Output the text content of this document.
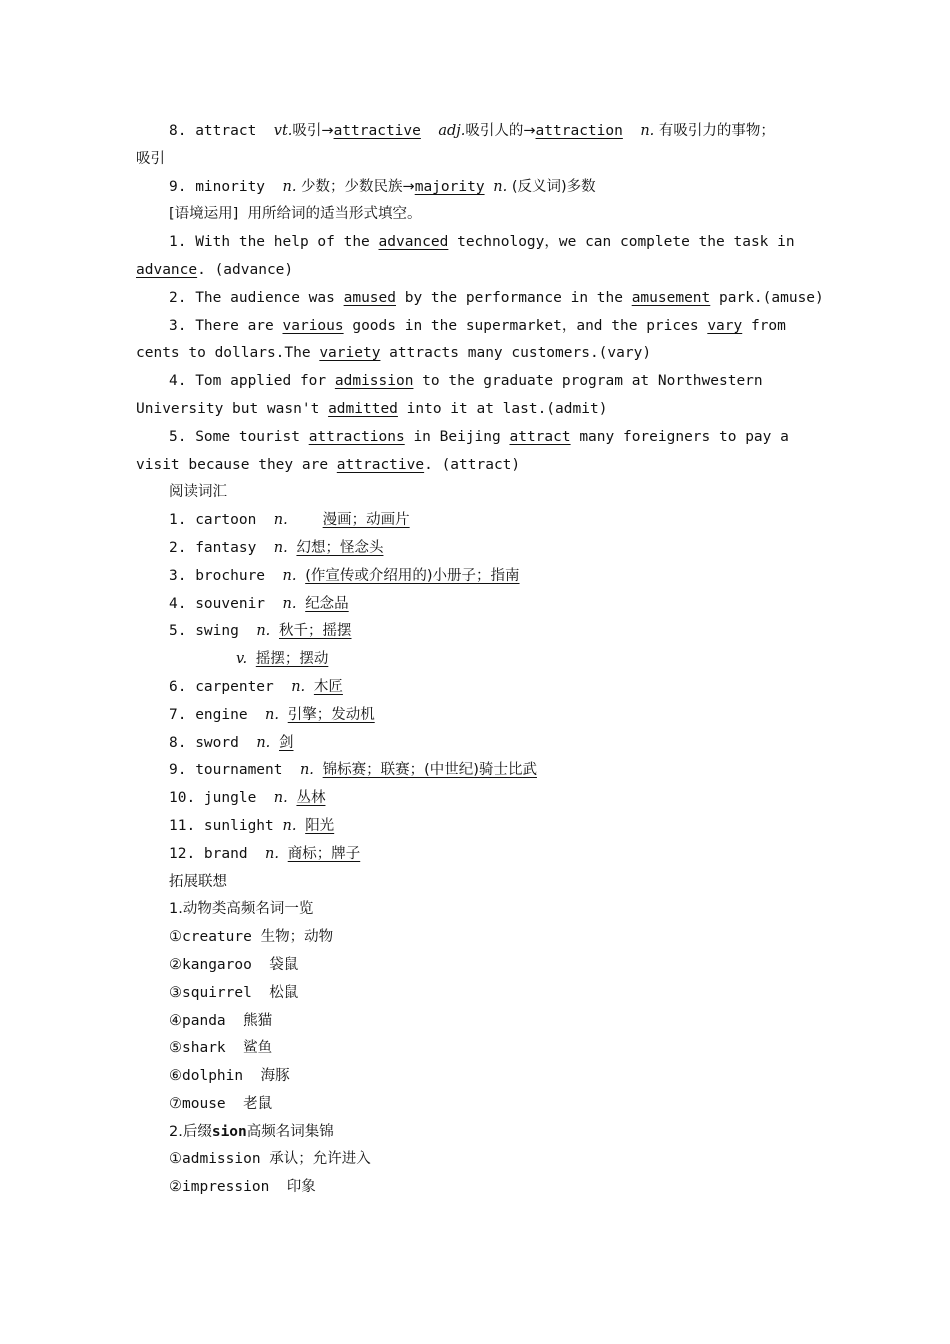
8. attract  vt.吸引→attractive adj.吸引人的→attraction n. 有吸引力的事物；
吸引
9. minority  n. 少数；少数民族→majority n. (反义词)多数
[语境运用]  用所给词的适当形式填空。
1. With the help of the advanced technology，we can complete the task in
advance. (advance)
2. The audience was amused by the performance in the amusement park.(amuse)
3. There are various goods in the supermarket，and the prices vary from
cents to dollars.The variety attracts many customers.(vary)
4. Tom applied for admission to the graduate program at Northwestern
University but wasn't admitted into it at last.(admit)
5. Some tourist attractions in Beijing attract many foreigners to pay a
visit because they are attractive. (attract)
阅读词汇
1. cartoon  n. 漫画；动画片
2. fantasy  n. 幻想；怪念头
3. brochure  n. (作宣传或介绍用的)小册子；指南
4. souvenir  n. 纪念品
5. swing  n. 秋千；摇摆
v. 摇摆；摆动
6. carpenter  n. 木匠
7. engine  n. 引擎；发动机
8. sword  n. 剑
9. tournament  n. 锦标赛；联赛；(中世纪)骑士比武
10. jungle  n. 丛林
11. sunlight n. 阳光
12. brand  n. 商标；牌子
拓展联想
1.动物类高频名词一览
①creature 生物；动物
②kangaroo  袋鼠
③squirrel  松鼠
④panda  熊猫
⑤shark  鲨鱼
⑥dolphin  海豚
⑦mouse  老鼠
2.后缀sion高频名词集锦
①admission 承认；允许进入
②impression  印象
